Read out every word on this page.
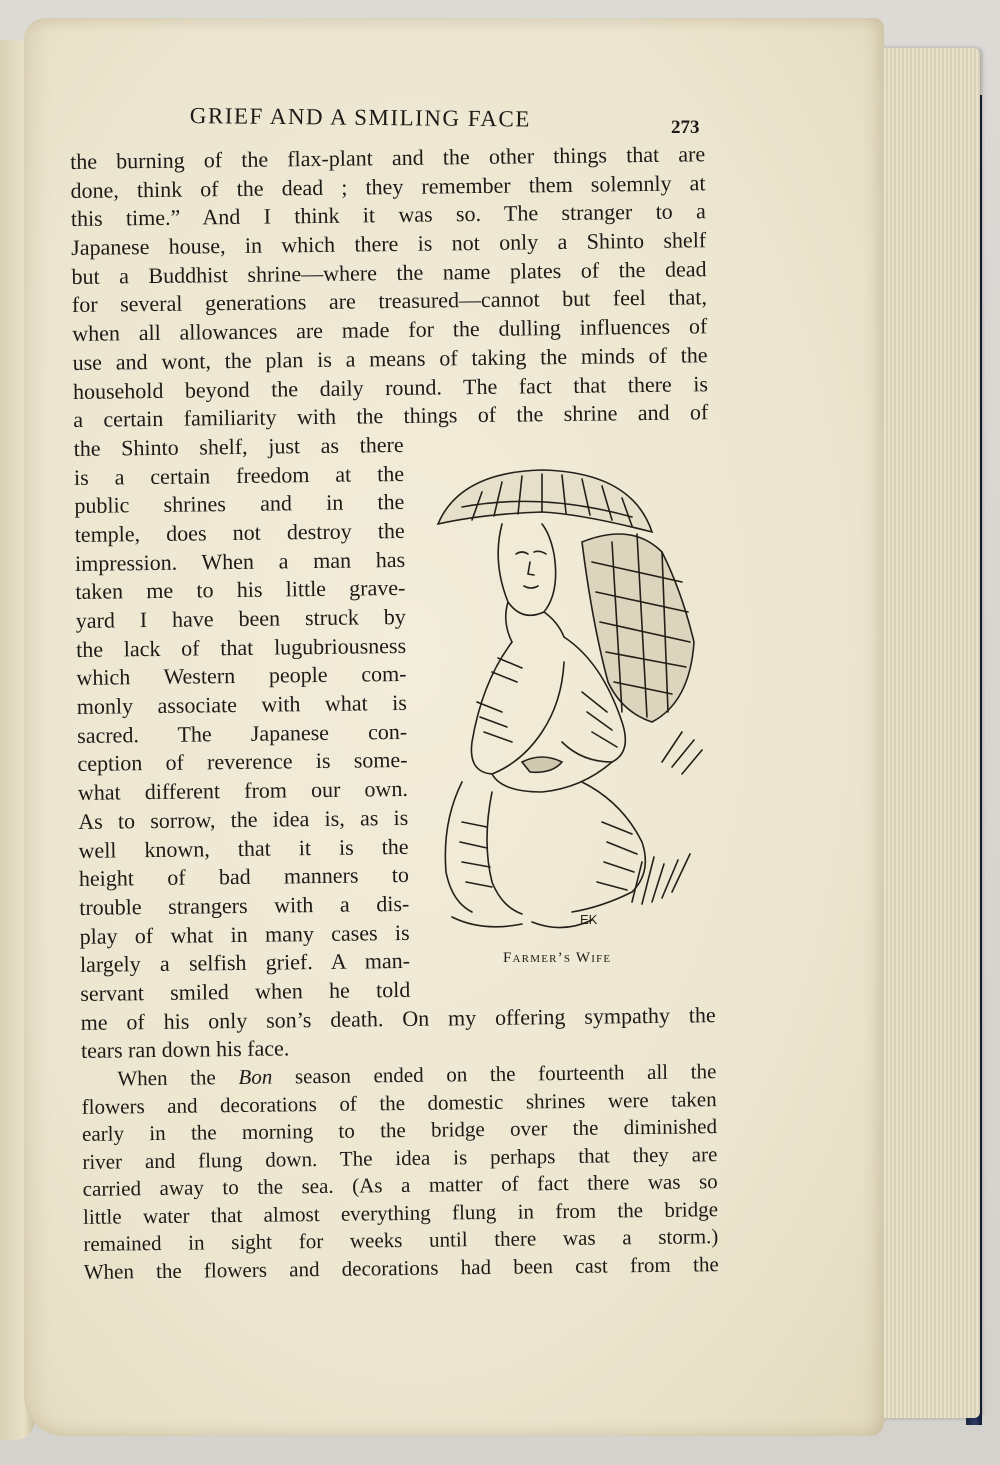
GRIEF AND A SMILING FACE	273
the burning of the flax-plant and the other things that are
done, think of the dead ; they remember them solemnly at
this time.” And I think it was so. The stranger to a
Japanese house, in which there is not only a Shinto shelf
but a Buddhist shrine—where the name plates of the dead
for several generations are treasured—cannot but feel that,
when all allowances are made for the dulling influences of
use and wont, the plan is a means of taking the minds of the
household beyond the daily round. The fact that there is
a certain familiarity with the things of the shrine and of
the Shinto shelf, just as there
is a certain freedom at the
public shrines and in the
temple, does not destroy the
impression. When a man has
taken me to his little grave-
yard I have been struck by
the lack of that lugubriousness
which Western people com-
monly associate with what is
sacred. The Japanese con-
ception of reverence is some-
what different from our own.
As to sorrow, the idea is, as is
well known, that it is the
height of bad manners to
trouble strangers with a dis-
play of what in many cases is
largely a selfish grief. A man-
servant smiled when he told
me of his only son’s death. On my offering sympathy the
tears ran down his face.
When the Bon season ended on the fourteenth all the
flowers and decorations of the domestic shrines were taken
early in the morning to the bridge over the diminished
river and flung down. The idea is perhaps that they are
carried away to the sea. (As a matter of fact there was so
little water that almost everything flung in from the bridge
remained in sight for weeks until there was a storm.)
When the flowers and decorations had been cast from the
EK
Farmer’s Wife
